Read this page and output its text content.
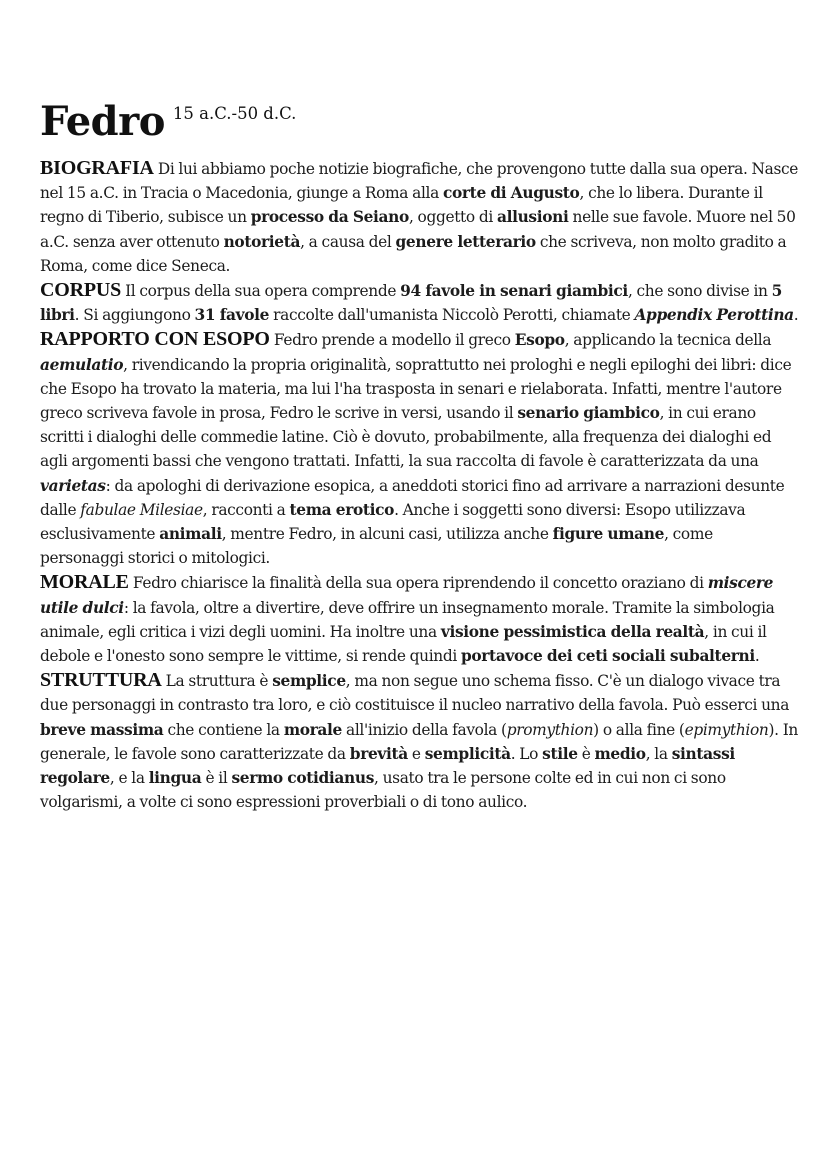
Fedro 15 a.C.-50 d.C.

BIOGRAFIA Di lui abbiamo poche notizie biografiche, che provengono tutte dalla sua opera. Nasce nel 15 a.C. in Tracia o Macedonia, giunge a Roma alla corte di Augusto, che lo libera. Durante il regno di Tiberio, subisce un processo da Seiano, oggetto di allusioni nelle sue favole. Muore nel 50 a.C. senza aver ottenuto notorietà, a causa del genere letterario che scriveva, non molto gradito a Roma, come dice Seneca.

CORPUS Il corpus della sua opera comprende 94 favole in senari giambici, che sono divise in 5 libri. Si aggiungono 31 favole raccolte dall'umanista Niccolò Perotti, chiamate Appendix Perottina.

RAPPORTO CON ESOPO Fedro prende a modello il greco Esopo, applicando la tecnica della aemulatio, rivendicando la propria originalità, soprattutto nei prologhi e negli epiloghi dei libri: dice che Esopo ha trovato la materia, ma lui l'ha trasposta in senari e rielaborata. Infatti, mentre l'autore greco scriveva favole in prosa, Fedro le scrive in versi, usando il senario giambico, in cui erano scritti i dialoghi delle commedie latine. Ciò è dovuto, probabilmente, alla frequenza dei dialoghi ed agli argomenti bassi che vengono trattati. Infatti, la sua raccolta di favole è caratterizzata da una varietas: da apologhi di derivazione esopica, a aneddoti storici fino ad arrivare a narrazioni desunte dalle fabulae Milesiae, racconti a tema erotico. Anche i soggetti sono diversi: Esopo utilizzava esclusivamente animali, mentre Fedro, in alcuni casi, utilizza anche figure umane, come personaggi storici o mitologici.

MORALE Fedro chiarisce la finalità della sua opera riprendendo il concetto oraziano di miscere utile dulci: la favola, oltre a divertire, deve offrire un insegnamento morale. Tramite la simbologia animale, egli critica i vizi degli uomini. Ha inoltre una visione pessimistica della realtà, in cui il debole e l'onesto sono sempre le vittime, si rende quindi portavoce dei ceti sociali subalterni.

STRUTTURA La struttura è semplice, ma non segue uno schema fisso. C'è un dialogo vivace tra due personaggi in contrasto tra loro, e ciò costituisce il nucleo narrativo della favola. Può esserci una breve massima che contiene la morale all'inizio della favola (promythion) o alla fine (epimythion). In generale, le favole sono caratterizzate da brevità e semplicità. Lo stile è medio, la sintassi regolare, e la lingua è il sermo cotidianus, usato tra le persone colte ed in cui non ci sono volgarismi, a volte ci sono espressioni proverbiali o di tono aulico.
